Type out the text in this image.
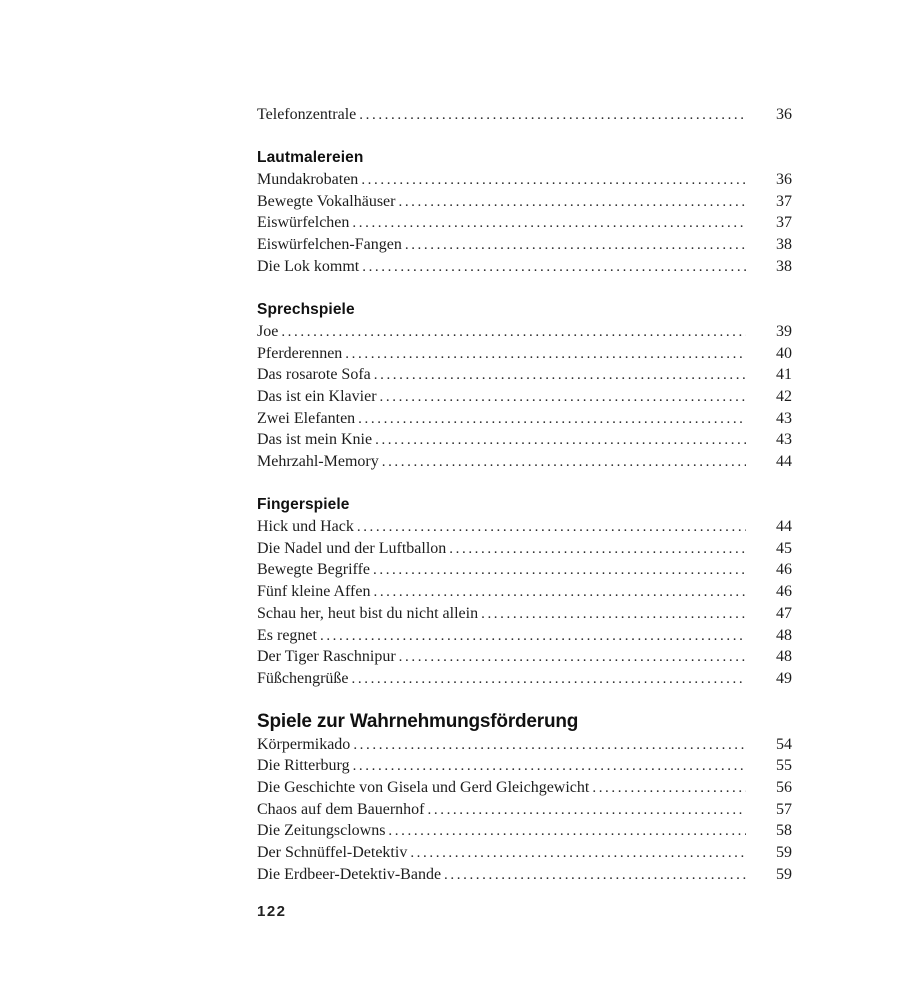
Telefonzentrale .....	36
Lautmalereien
Mundakrobaten .....	36
Bewegte Vokalhäuser .....	37
Eiswürfelchen .....	37
Eiswürfelchen-Fangen .....	38
Die Lok kommt .....	38
Sprechspiele
Joe .....	39
Pferderennen .....	40
Das rosarote Sofa .....	41
Das ist ein Klavier .....	42
Zwei Elefanten .....	43
Das ist mein Knie .....	43
Mehrzahl-Memory .....	44
Fingerspiele
Hick und Hack .....	44
Die Nadel und der Luftballon .....	45
Bewegte Begriffe .....	46
Fünf kleine Affen .....	46
Schau her, heut bist du nicht allein .....	47
Es regnet .....	48
Der Tiger Raschnipur .....	48
Füßchengrüße .....	49
Spiele zur Wahrnehmungsförderung
Körpermikado .....	54
Die Ritterburg .....	55
Die Geschichte von Gisela und Gerd Gleichgewicht .....	56
Chaos auf dem Bauernhof .....	57
Die Zeitungsclowns .....	58
Der Schnüffel-Detektiv .....	59
Die Erdbeer-Detektiv-Bande .....	59
122
